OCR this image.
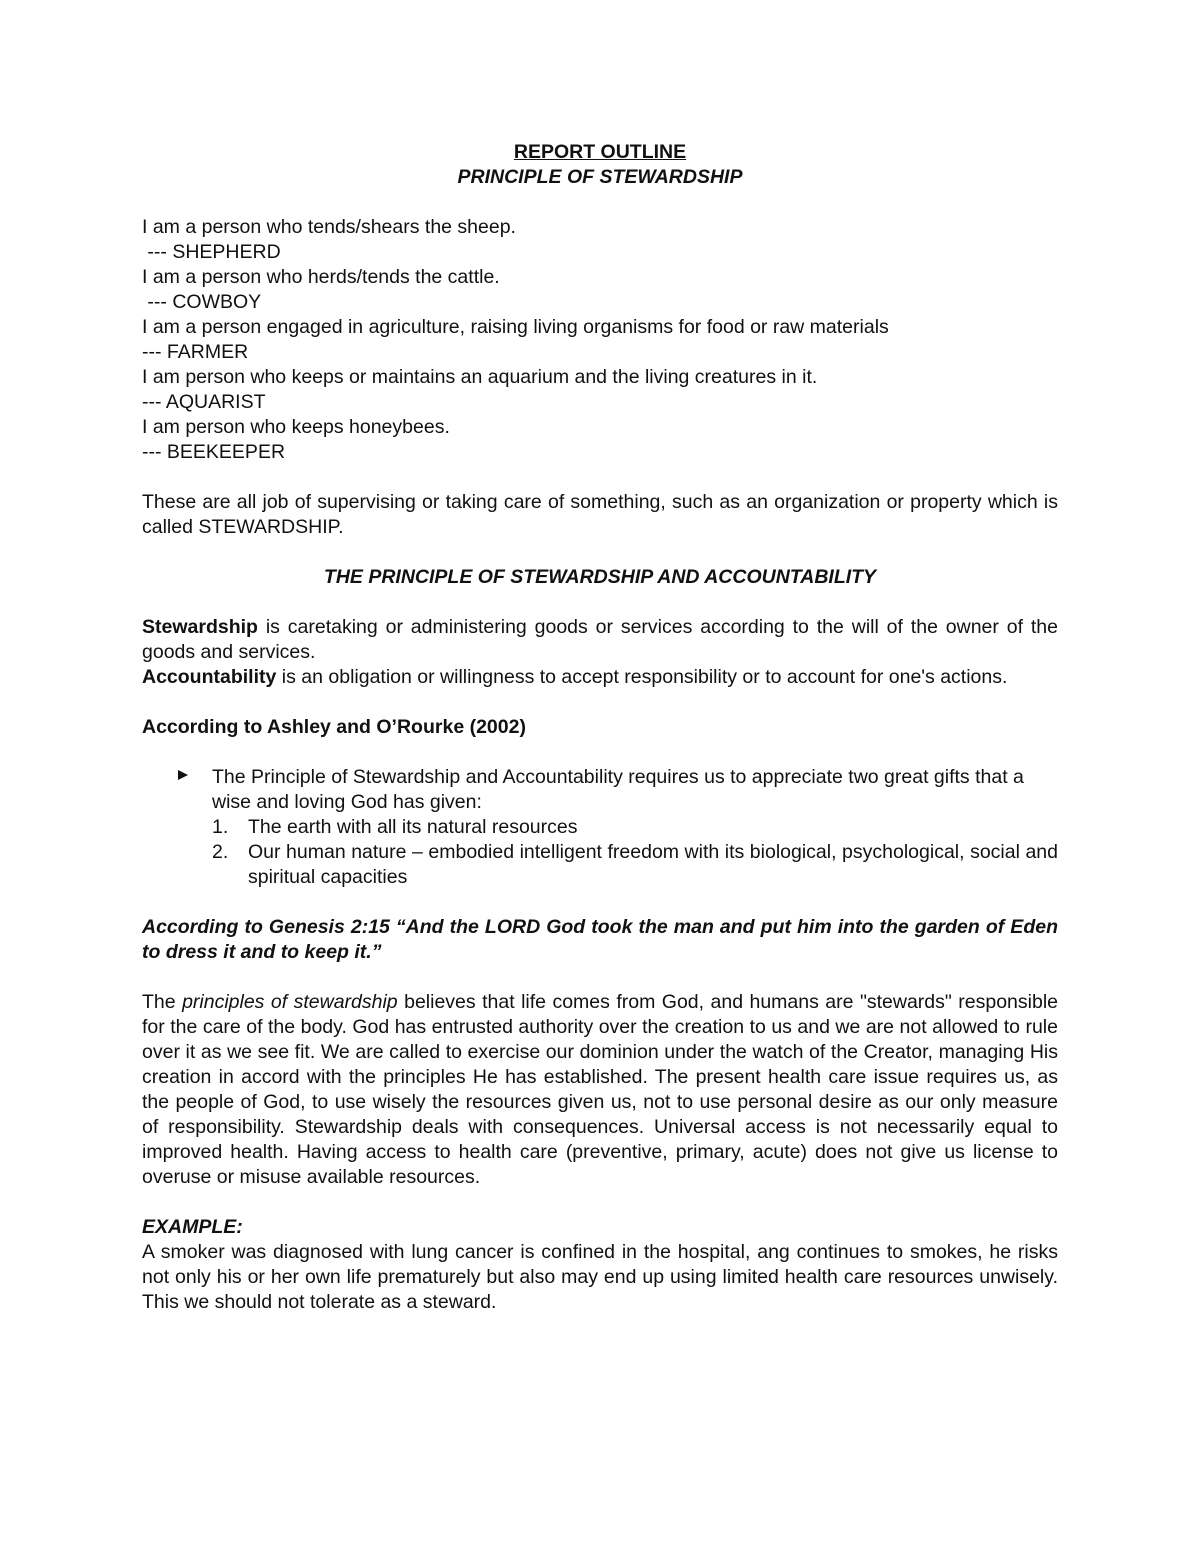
REPORT OUTLINE
PRINCIPLE OF STEWARDSHIP
I am a person who tends/shears the sheep.
--- SHEPHERD
I am a person who herds/tends the cattle.
--- COWBOY
I am a person engaged in agriculture, raising living organisms for food or raw materials
--- FARMER
I am person who keeps or maintains an aquarium and the living creatures in it.
--- AQUARIST
I am person who keeps honeybees.
--- BEEKEEPER
These are all job of supervising or taking care of something, such as an organization or property which is called STEWARDSHIP.
THE PRINCIPLE OF STEWARDSHIP AND ACCOUNTABILITY
Stewardship is caretaking or administering goods or services according to the will of the owner of the goods and services.
Accountability is an obligation or willingness to accept responsibility or to account for one's actions.
According to Ashley and O’Rourke (2002)
The Principle of Stewardship and Accountability requires us to appreciate two great gifts that a wise and loving God has given:
1. The earth with all its natural resources
2. Our human nature – embodied intelligent freedom with its biological, psychological, social and spiritual capacities
According to Genesis 2:15 “And the LORD God took the man and put him into the garden of Eden to dress it and to keep it.”
The principles of stewardship believes that life comes from God, and humans are "stewards" responsible for the care of the body. God has entrusted authority over the creation to us and we are not allowed to rule over it as we see fit. We are called to exercise our dominion under the watch of the Creator, managing His creation in accord with the principles He has established. The present health care issue requires us, as the people of God, to use wisely the resources given us, not to use personal desire as our only measure of responsibility. Stewardship deals with consequences. Universal access is not necessarily equal to improved health. Having access to health care (preventive, primary, acute) does not give us license to overuse or misuse available resources.
EXAMPLE:
A smoker was diagnosed with lung cancer is confined in the hospital, ang continues to smokes, he risks not only his or her own life prematurely but also may end up using limited health care resources unwisely. This we should not tolerate as a steward.
